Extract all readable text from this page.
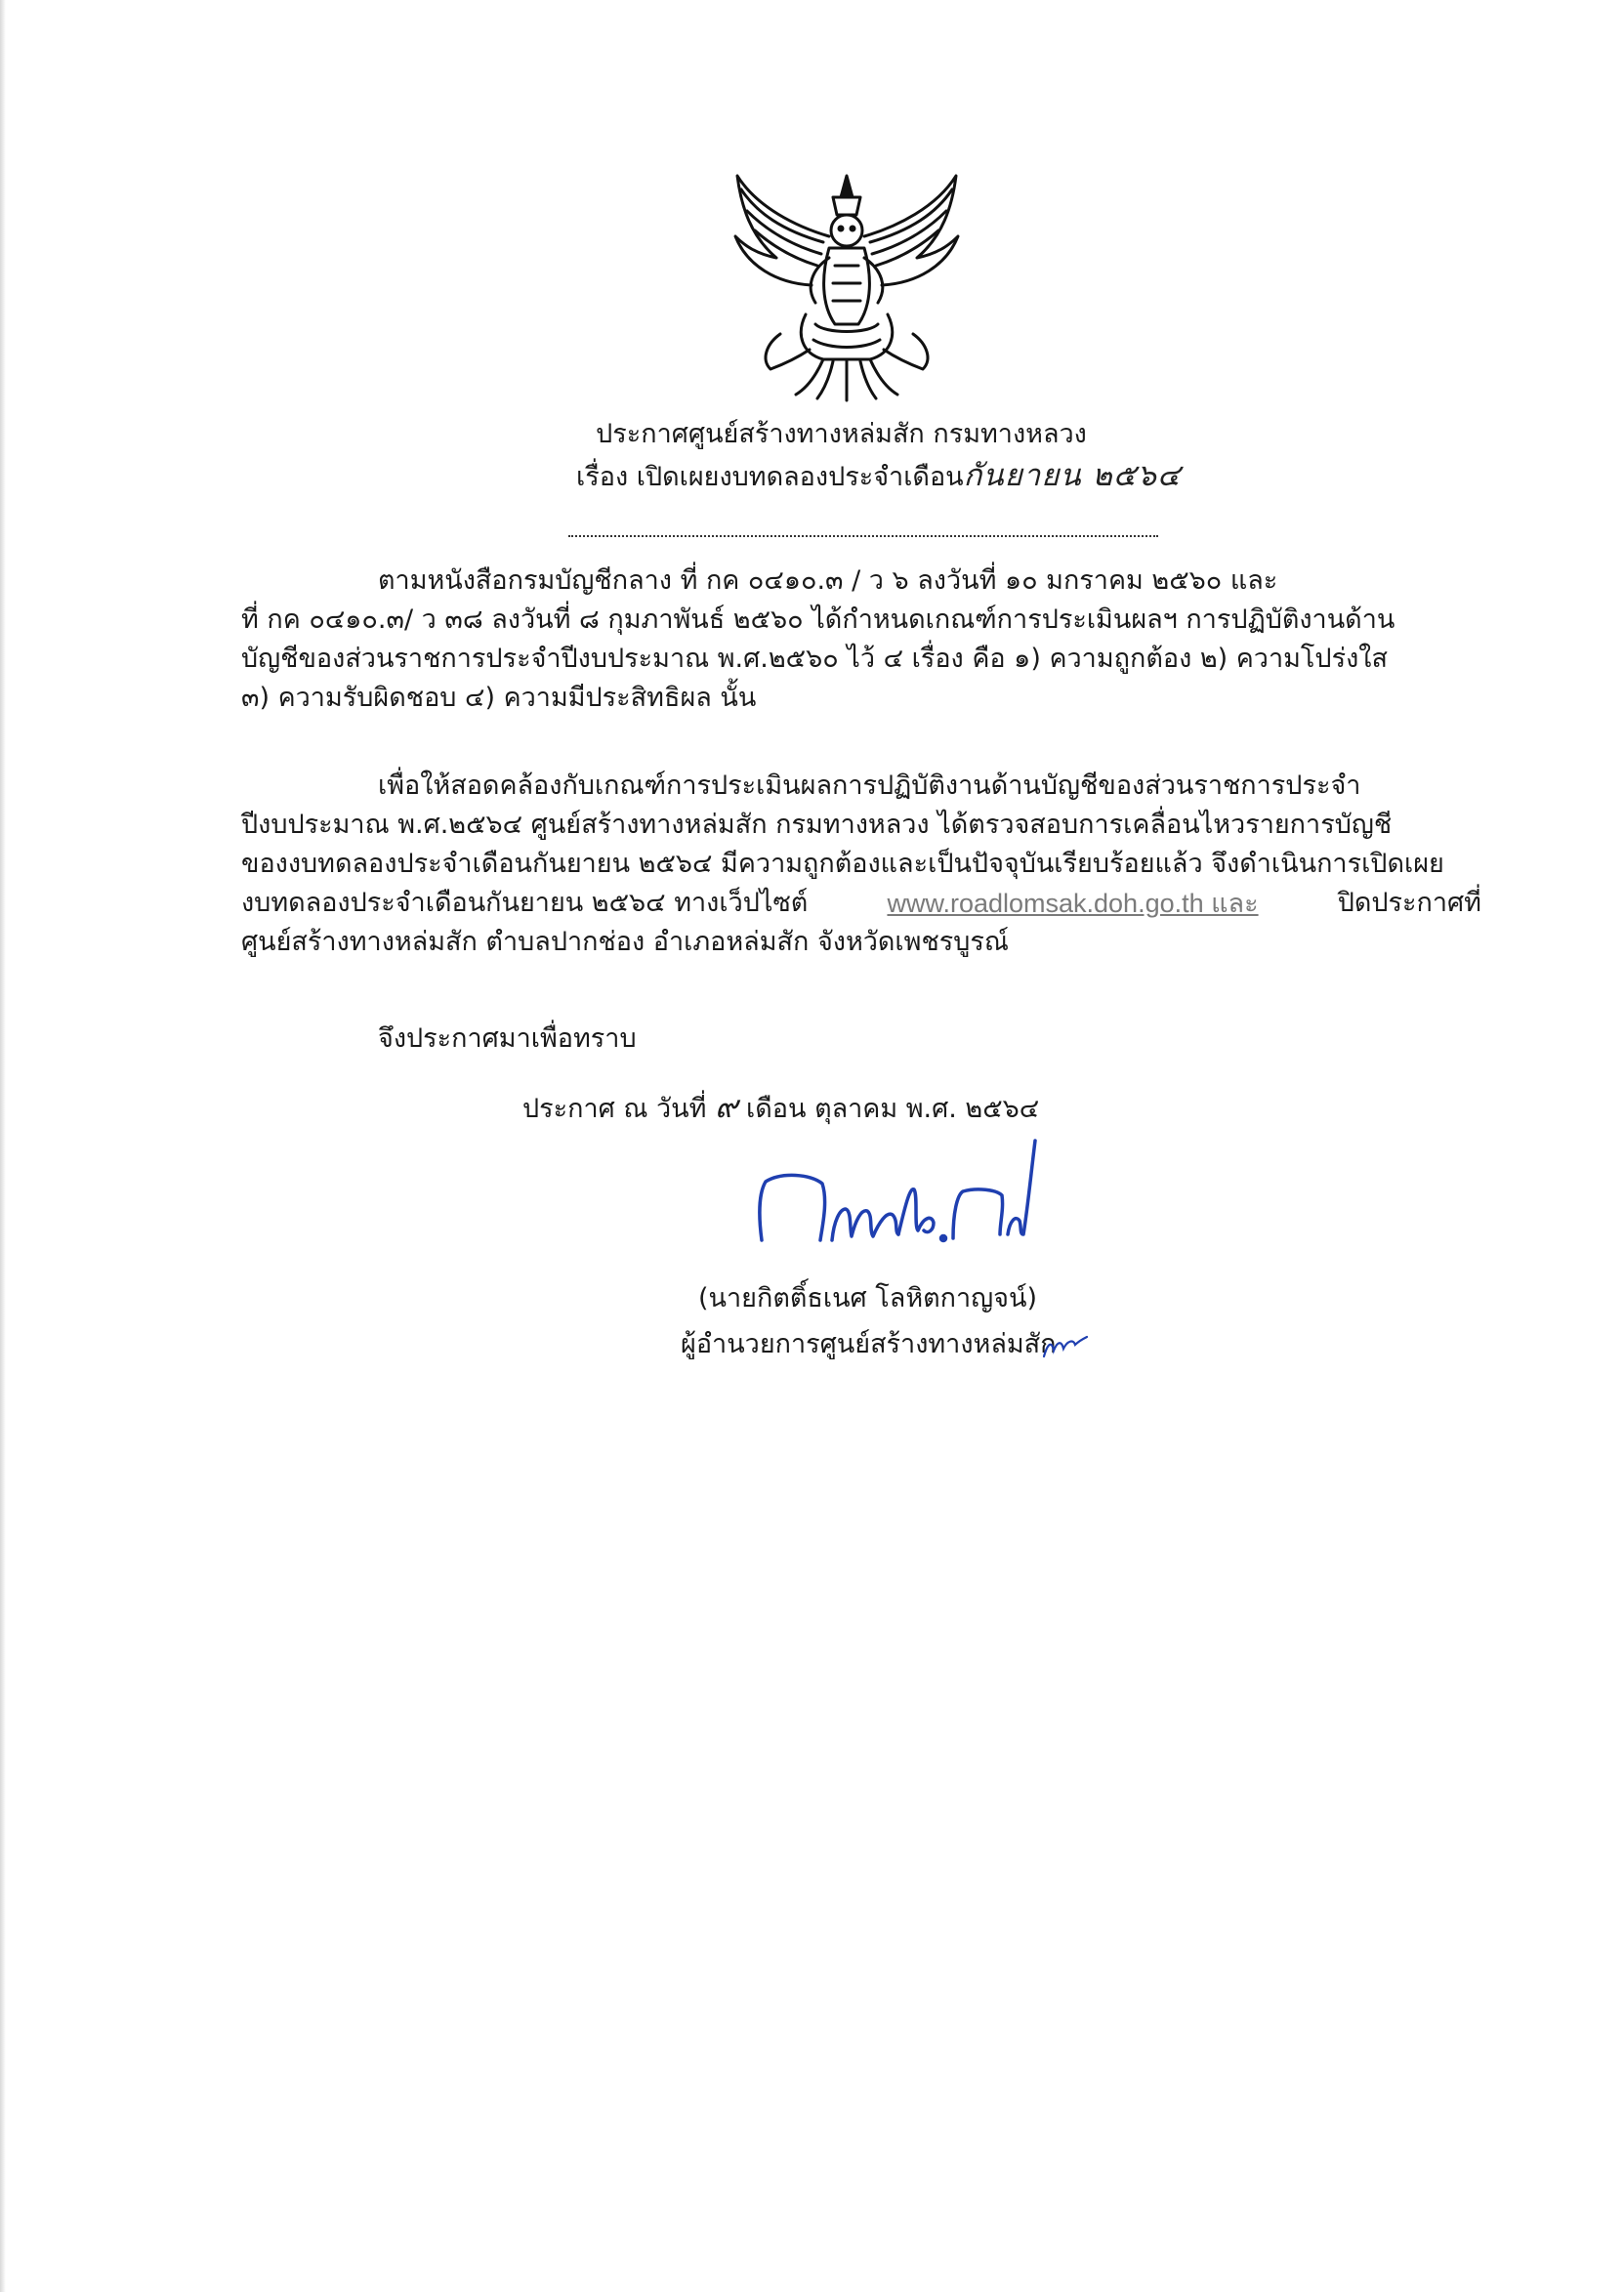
ประกาศศูนย์สร้างทางหล่มสัก กรมทางหลวง
เรื่อง เปิดเผยงบทดลองประจำเดือนกันยายน ๒๕๖๔
ตามหนังสือกรมบัญชีกลาง ที่ กค ๐๔๑๐.๓ / ว ๖ ลงวันที่ ๑๐ มกราคม ๒๕๖๐ และ
ที่ กค ๐๔๑๐.๓/ ว ๓๘ ลงวันที่ ๘ กุมภาพันธ์ ๒๕๖๐ ได้กำหนดเกณฑ์การประเมินผลฯ การปฏิบัติงานด้าน
บัญชีของส่วนราชการประจำปีงบประมาณ พ.ศ.๒๕๖๐ ไว้ ๔ เรื่อง คือ ๑) ความถูกต้อง ๒) ความโปร่งใส
๓) ความรับผิดชอบ ๔) ความมีประสิทธิผล นั้น
เพื่อให้สอดคล้องกับเกณฑ์การประเมินผลการปฏิบัติงานด้านบัญชีของส่วนราชการประจำ
ปีงบประมาณ พ.ศ.๒๕๖๔ ศูนย์สร้างทางหล่มสัก กรมทางหลวง ได้ตรวจสอบการเคลื่อนไหวรายการบัญชี
ของงบทดลองประจำเดือนกันยายน ๒๕๖๔ มีความถูกต้องและเป็นปัจจุบันเรียบร้อยแล้ว จึงดำเนินการเปิดเผย
งบทดลองประจำเดือนกันยายน ๒๕๖๔ ทางเว็ปไซต์	www.roadlomsak.doh.go.th และ	ปิดประกาศที่
ศูนย์สร้างทางหล่มสัก ตำบลปากช่อง อำเภอหล่มสัก จังหวัดเพชรบูรณ์
จึงประกาศมาเพื่อทราบ
ประกาศ ณ วันที่ ๙ เดือน ตุลาคม พ.ศ. ๒๕๖๔
(นายกิตติ์ธเนศ โลหิตกาญจน์)
ผู้อำนวยการศูนย์สร้างทางหล่มสัก
